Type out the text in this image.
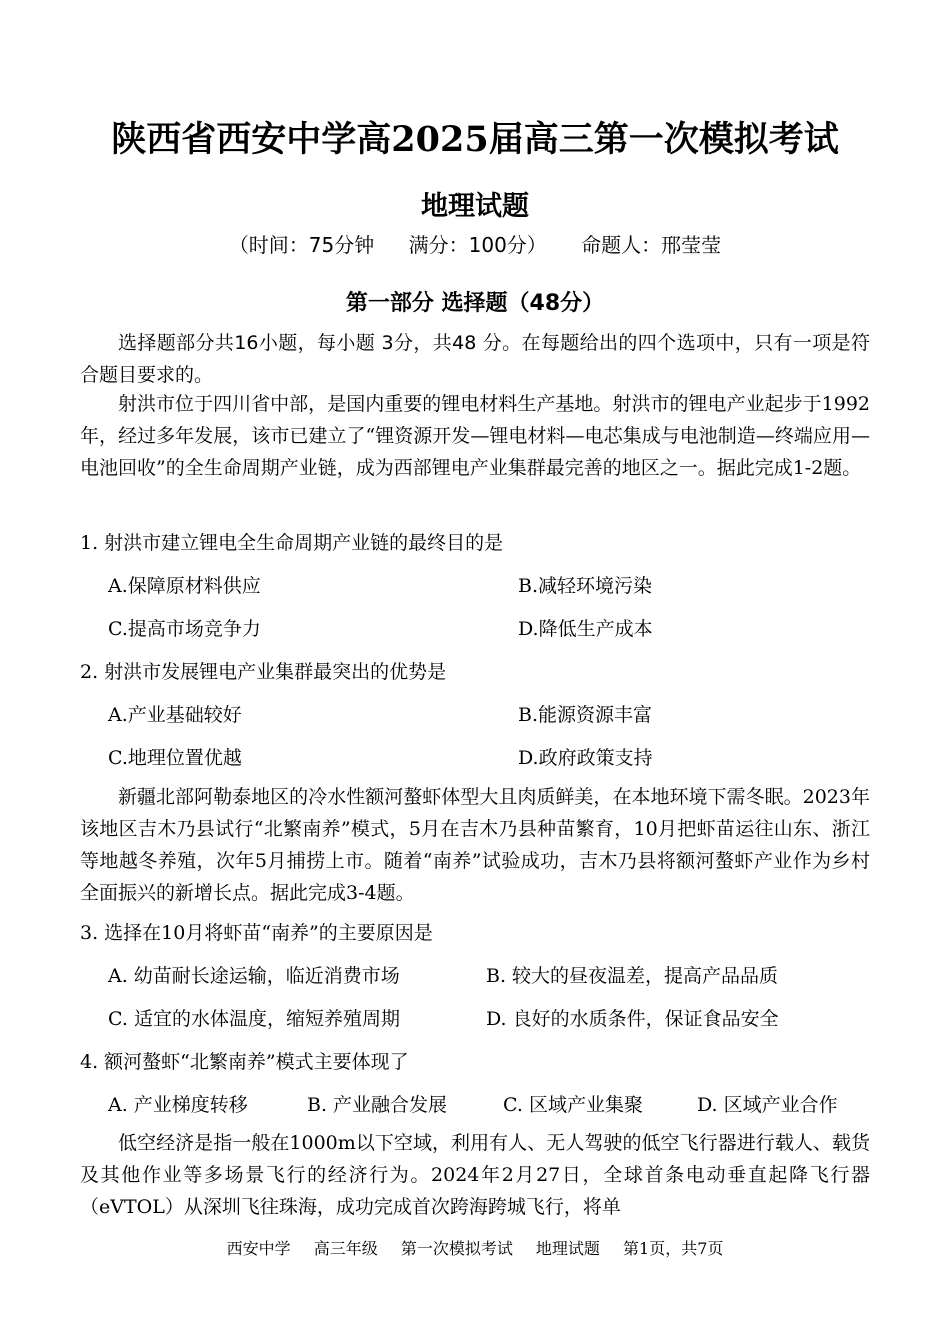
陕西省西安中学高2025届高三第一次模拟考试
地理试题
（时间：75分钟 满分：100分） 命题人：邢莹莹
第一部分 选择题（48分）
选择题部分共16小题，每小题 3分，共48 分。在每题给出的四个选项中，只有一项是符合题目要求的。
射洪市位于四川省中部，是国内重要的锂电材料生产基地。射洪市的锂电产业起步于1992年，经过多年发展，该市已建立了“锂资源开发—锂电材料—电芯集成与电池制造—终端应用—电池回收”的全生命周期产业链，成为西部锂电产业集群最完善的地区之一。据此完成1-2题。
1. 射洪市建立锂电全生命周期产业链的最终目的是
A.保障原材料供应	B.减轻环境污染
C.提高市场竞争力	D.降低生产成本
2. 射洪市发展锂电产业集群最突出的优势是
A.产业基础较好	B.能源资源丰富
C.地理位置优越	D.政府政策支持
新疆北部阿勒泰地区的冷水性额河螯虾体型大且肉质鲜美，在本地环境下需冬眠。2023年该地区吉木乃县试行“北繁南养”模式，5月在吉木乃县种苗繁育，10月把虾苗运往山东、浙江等地越冬养殖，次年5月捕捞上市。随着“南养”试验成功，吉木乃县将额河螯虾产业作为乡村全面振兴的新增长点。据此完成3-4题。
3. 选择在10月将虾苗“南养”的主要原因是
A. 幼苗耐长途运输，临近消费市场	B. 较大的昼夜温差，提高产品品质
C. 适宜的水体温度，缩短养殖周期	D. 良好的水质条件，保证食品安全
4. 额河螯虾“北繁南养”模式主要体现了
A. 产业梯度转移	B. 产业融合发展	C. 区域产业集聚	D. 区域产业合作
低空经济是指一般在1000m以下空域，利用有人、无人驾驶的低空飞行器进行载人、载货及其他作业等多场景飞行的经济行为。2024年2月27日，全球首条电动垂直起降飞行器（eVTOL）从深圳飞往珠海，成功完成首次跨海跨城飞行，将单
西安中学 高三年级 第一次模拟考试 地理试题 第1页，共7页
